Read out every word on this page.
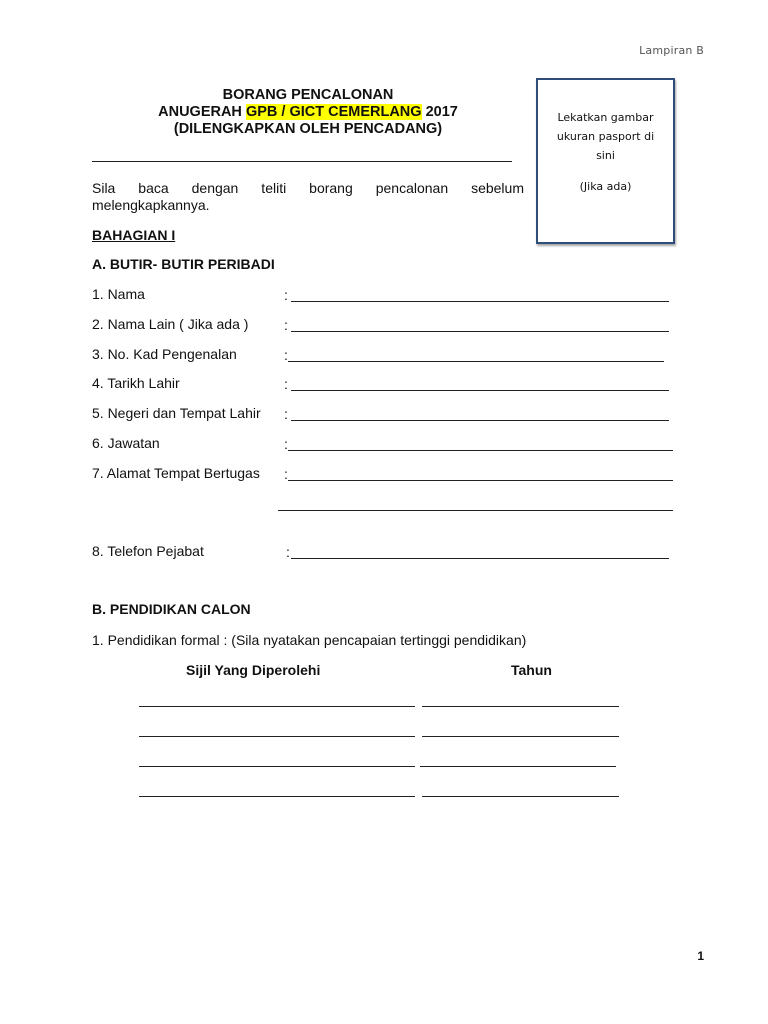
Lampiran B
BORANG PENCALONAN
ANUGERAH GPB / GICT CEMERLANG 2017
(DILENGKAPKAN OLEH PENCADANG)
Lekatkan gambar ukuran pasport di sini
(Jika ada)
Sila baca dengan teliti borang pencalonan sebelum
melengkapkannya.
BAHAGIAN I
A. BUTIR- BUTIR PERIBADI
1. Nama	:
2. Nama Lain ( Jika ada )	:
3. No. Kad Pengenalan	:
4. Tarikh Lahir	:
5. Negeri dan Tempat Lahir :
6. Jawatan	:
7. Alamat Tempat Bertugas :
8. Telefon Pejabat	:
B. PENDIDIKAN CALON
1. Pendidikan formal : (Sila nyatakan pencapaian tertinggi pendidikan)
Sijil Yang Diperolehi	Tahun
1
